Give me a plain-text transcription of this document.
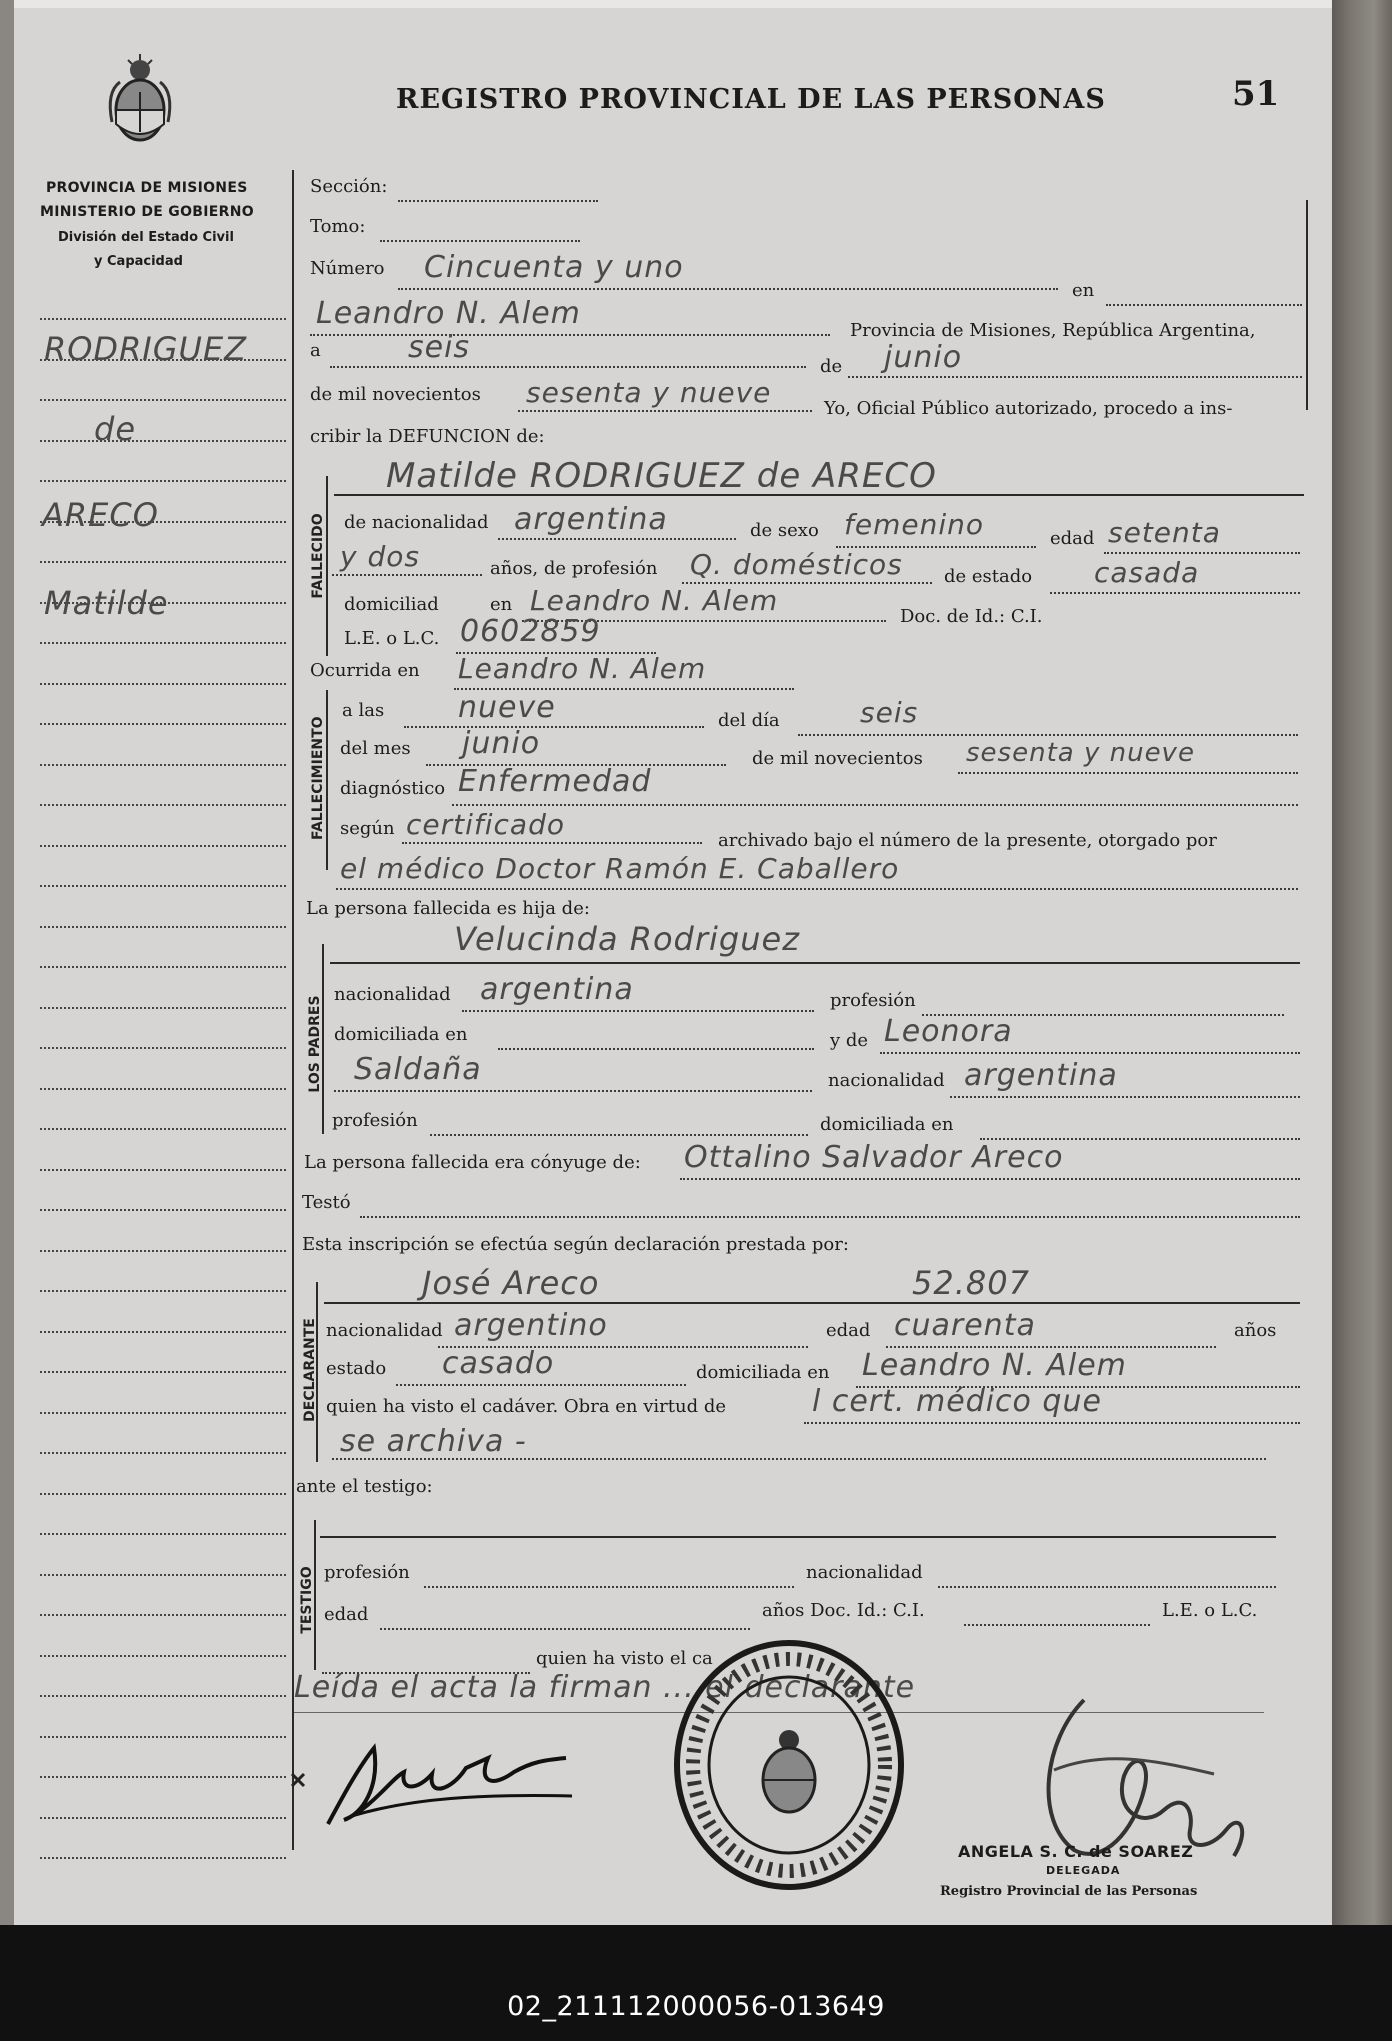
PROVINCIA DE MISIONES
MINISTERIO DE GOBIERNO
División del Estado Civil
y Capacidad
REGISTRO PROVINCIAL DE LAS PERSONAS	51
RODRIGUEZ
de
ARECO
Matilde
Sección:
Tomo:
Número Cincuenta y uno
en
Leandro N. Alem	Provincia de Misiones, República Argentina,
a	seis
de junio
de mil novecientos sesenta y nueve	Yo, Oficial Público autorizado, procedo a ins-
cribir la DEFUNCION de:
FALLECIDO
Matilde RODRIGUEZ de ARECO
de nacionalidad argentina	de sexo femenino	edad setenta
y dos	años, de profesión Q. domésticos de estado casada
domiciliad	en Leandro N. Alem	Doc. de Id.: C.I.
L.E. o L.C. 0602859
Ocurrida en Leandro N. Alem
FALLECIMIENTO
a las nueve	del día	seis
del mes junio	de mil novecientos sesenta y nueve
diagnóstico Enfermedad
según certificado	archivado bajo el número de la presente, otorgado por
el médico Doctor Ramón E. Caballero
La persona fallecida es hija de:
LOS PADRES
Velucinda Rodriguez
nacionalidad argentina	profesión
domiciliada en	y de Leonora
Saldaña	nacionalidad argentina
profesión	domiciliada en
La persona fallecida era cónyuge de: Ottalino Salvador Areco
Testó
Esta inscripción se efectúa según declaración prestada por:
DECLARANTE
José Areco	52.807
nacionalidad argentino	edad cuarenta	años
estado casado	domiciliada en Leandro N. Alem
quien ha visto el cadáver. Obra en virtud de	l cert. médico que
se archiva -
ante el testigo:
TESTIGO profesión	nacionalidad
edad	años Doc. Id.: C.I.	L.E. o L.C.
quien ha visto el ca
Leída el acta la firman ... el declarante
ANGELA S. C. de SOAREZ
DELEGADA
Registro Provincial de las Personas
02_211112000056-013649
